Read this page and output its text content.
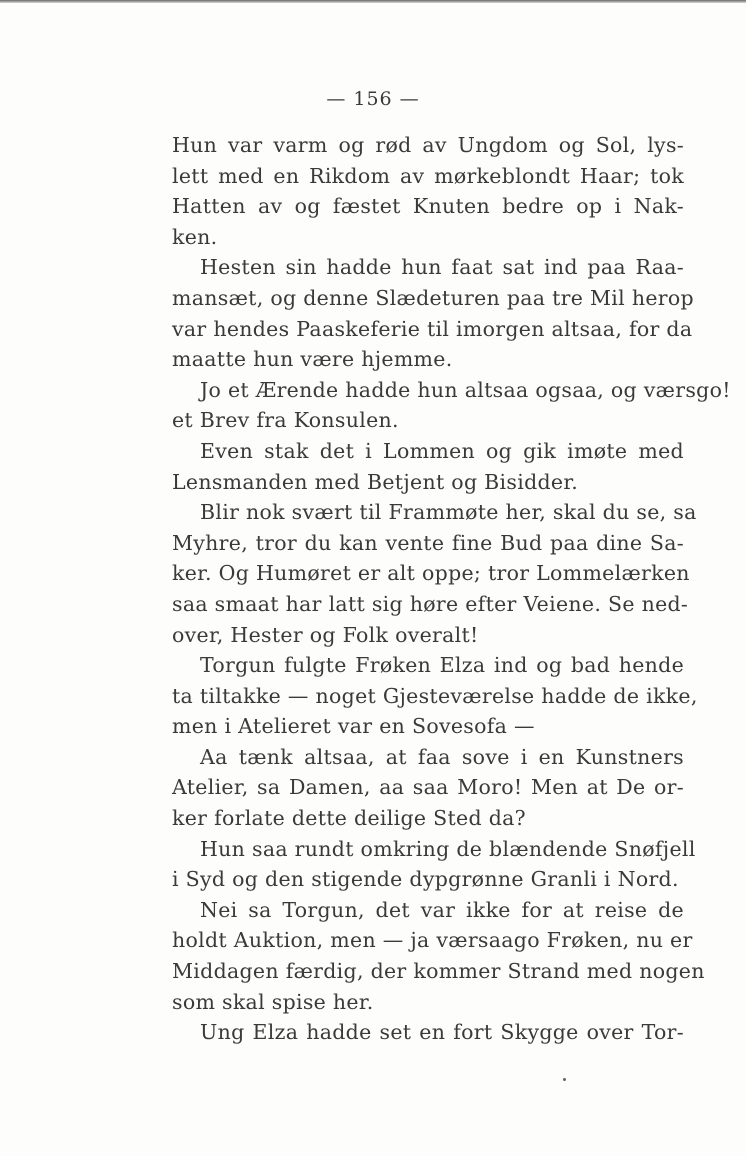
— 156 —
Hun var varm og rød av Ungdom og Sol, lys-
lett med en Rikdom av mørkeblondt Haar; tok
Hatten av og fæstet Knuten bedre op i Nak-
ken.
Hesten sin hadde hun faat sat ind paa Raa-
mansæt, og denne Slædeturen paa tre Mil herop
var hendes Paaskeferie til imorgen altsaa, for da
maatte hun være hjemme.
Jo et Ærende hadde hun altsaa ogsaa, og værsgo!
et Brev fra Konsulen.
Even stak det i Lommen og gik imøte med
Lensmanden med Betjent og Bisidder.
Blir nok svært til Frammøte her, skal du se, sa
Myhre, tror du kan vente fine Bud paa dine Sa-
ker. Og Humøret er alt oppe; tror Lommelærken
saa smaat har latt sig høre efter Veiene. Se ned-
over, Hester og Folk overalt!
Torgun fulgte Frøken Elza ind og bad hende
ta tiltakke — noget Gjesteværelse hadde de ikke,
men i Atelieret var en Sovesofa —
Aa tænk altsaa, at faa sove i en Kunstners
Atelier, sa Damen, aa saa Moro! Men at De or-
ker forlate dette deilige Sted da?
Hun saa rundt omkring de blændende Snøfjell
i Syd og den stigende dypgrønne Granli i Nord.
Nei sa Torgun, det var ikke for at reise de
holdt Auktion, men — ja værsaago Frøken, nu er
Middagen færdig, der kommer Strand med nogen
som skal spise her.
Ung Elza hadde set en fort Skygge over Tor-
